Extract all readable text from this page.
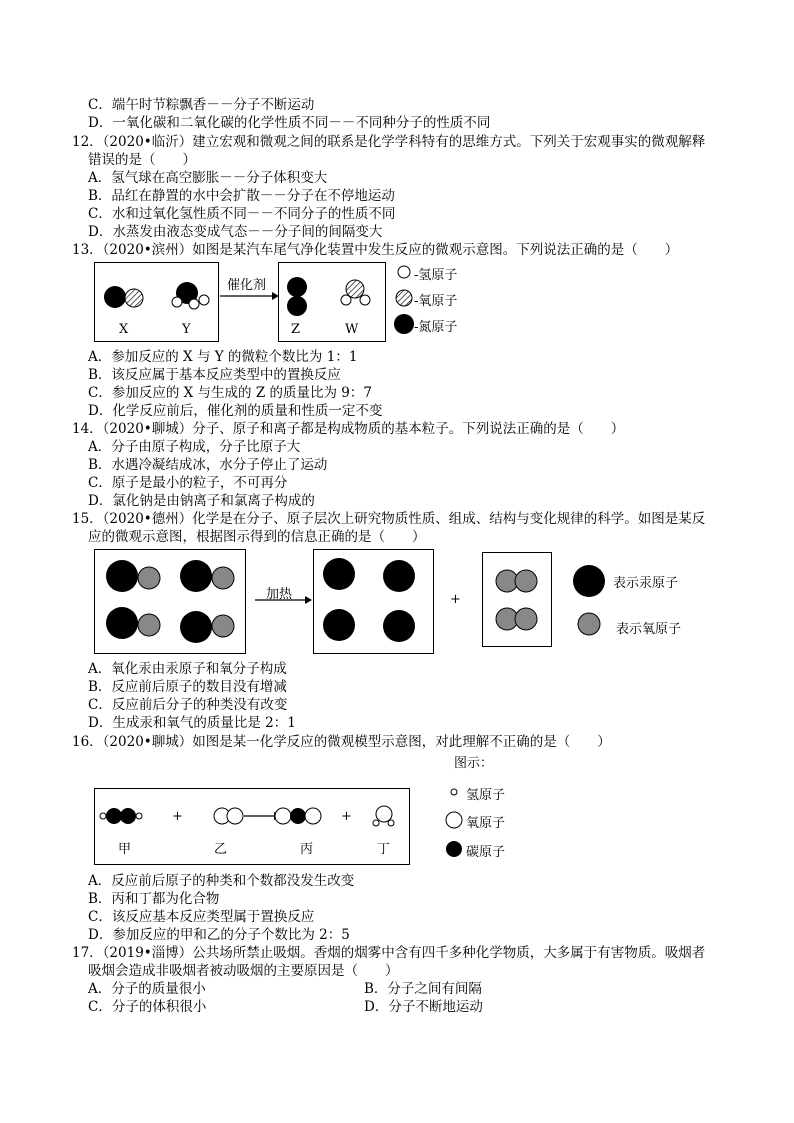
C．端午时节粽飘香－－分子不断运动
D．一氧化碳和二氧化碳的化学性质不同－－不同种分子的性质不同
12．（2020•临沂）建立宏观和微观之间的联系是化学学科特有的思维方式。下列关于宏观事实的微观解释
错误的是（　　）
A．氢气球在高空膨胀－－分子体积变大
B．品红在静置的水中会扩散－－分子在不停地运动
C．水和过氧化氢性质不同－－不同分子的性质不同
D．水蒸发由液态变成气态－－分子间的间隔变大
13．（2020•滨州）如图是某汽车尾气净化装置中发生反应的微观示意图。下列说法正确的是（　　）
催化剂
X	Y	Z	W
-氢原子
-氧原子
-氮原子
A．参加反应的 X 与 Y 的微粒个数比为 1：1
B．该反应属于基本反应类型中的置换反应
C．参加反应的 X 与生成的 Z 的质量比为 9：7
D．化学反应前后，催化剂的质量和性质一定不变
14．（2020•聊城）分子、原子和离子都是构成物质的基本粒子。下列说法正确的是（　　）
A．分子由原子构成，分子比原子大
B．水遇冷凝结成冰，水分子停止了运动
C．原子是最小的粒子，不可再分
D．氯化钠是由钠离子和氯离子构成的
15．（2020•德州）化学是在分子、原子层次上研究物质性质、组成、结构与变化规律的科学。如图是某反
应的微观示意图，根据图示得到的信息正确的是（　　）
加热	+
表示汞原子
表示氧原子
A．氧化汞由汞原子和氧分子构成
B．反应前后原子的数目没有增减
C．反应前后分子的种类没有改变
D．生成汞和氧气的质量比是 2：1
16．（2020•聊城）如图是某一化学反应的微观模型示意图，对此理解不正确的是（　　）
图示：
+	+
甲	乙	丙	丁
氢原子
氧原子
碳原子
A．反应前后原子的种类和个数都没发生改变
B．丙和丁都为化合物
C．该反应基本反应类型属于置换反应
D．参加反应的甲和乙的分子个数比为 2：5
17．（2019•淄博）公共场所禁止吸烟。香烟的烟雾中含有四千多种化学物质，大多属于有害物质。吸烟者
吸烟会造成非吸烟者被动吸烟的主要原因是（　　）
A．分子的质量很小	B．分子之间有间隔
C．分子的体积很小	D．分子不断地运动
